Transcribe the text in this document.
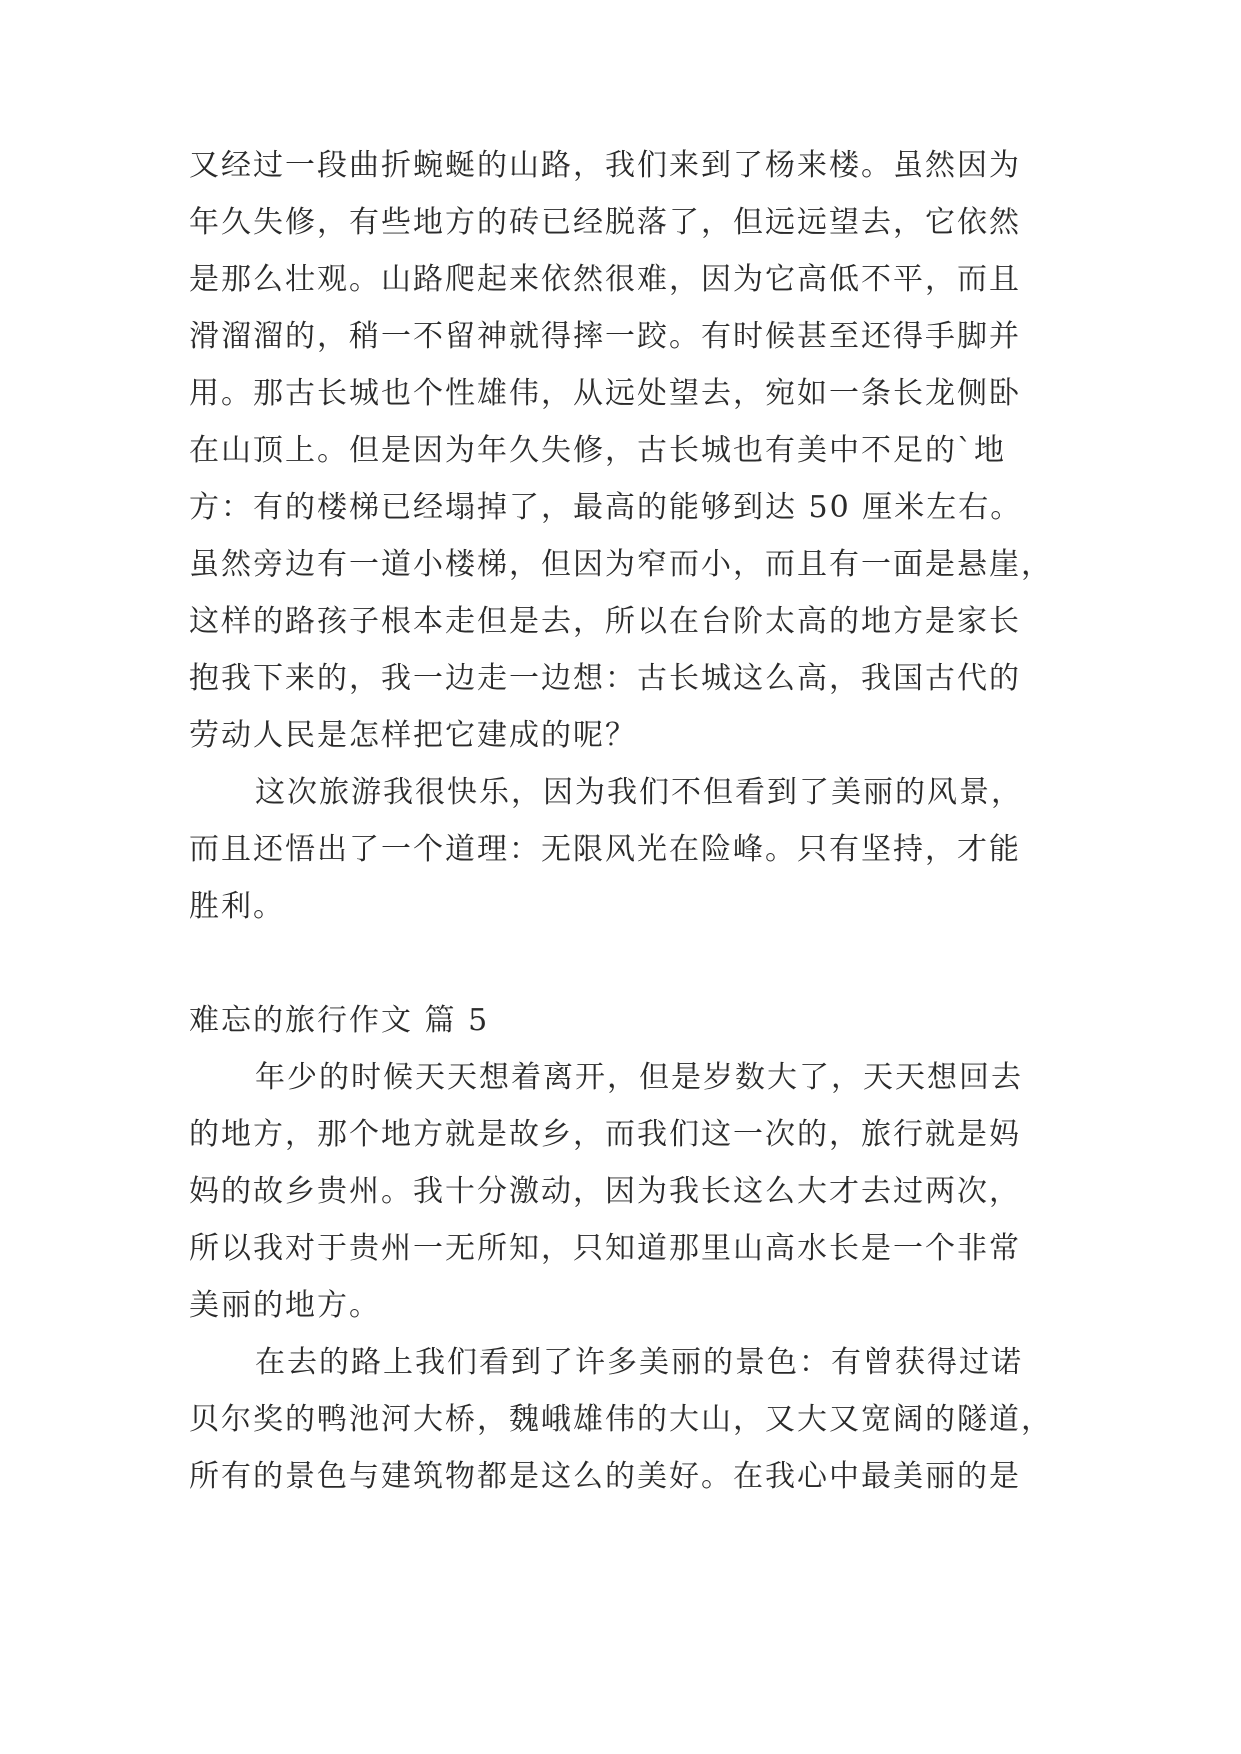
又经过一段曲折蜿蜒的山路，我们来到了杨来楼。虽然因为
年久失修，有些地方的砖已经脱落了，但远远望去，它依然
是那么壮观。山路爬起来依然很难，因为它高低不平，而且
滑溜溜的，稍一不留神就得摔一跤。有时候甚至还得手脚并
用。那古长城也个性雄伟，从远处望去，宛如一条长龙侧卧
在山顶上。但是因为年久失修，古长城也有美中不足的`地
方：有的楼梯已经塌掉了，最高的能够到达 50 厘米左右。
虽然旁边有一道小楼梯，但因为窄而小，而且有一面是悬崖，
这样的路孩子根本走但是去，所以在台阶太高的地方是家长
抱我下来的，我一边走一边想：古长城这么高，我国古代的
劳动人民是怎样把它建成的呢？
这次旅游我很快乐，因为我们不但看到了美丽的风景，
而且还悟出了一个道理：无限风光在险峰。只有坚持，才能
胜利。
难忘的旅行作文 篇 5
年少的时候天天想着离开，但是岁数大了，天天想回去
的地方，那个地方就是故乡，而我们这一次的，旅行就是妈
妈的故乡贵州。我十分激动，因为我长这么大才去过两次，
所以我对于贵州一无所知，只知道那里山高水长是一个非常
美丽的地方。
在去的路上我们看到了许多美丽的景色：有曾获得过诺
贝尔奖的鸭池河大桥，魏峨雄伟的大山，又大又宽阔的隧道，
所有的景色与建筑物都是这么的美好。在我心中最美丽的是
